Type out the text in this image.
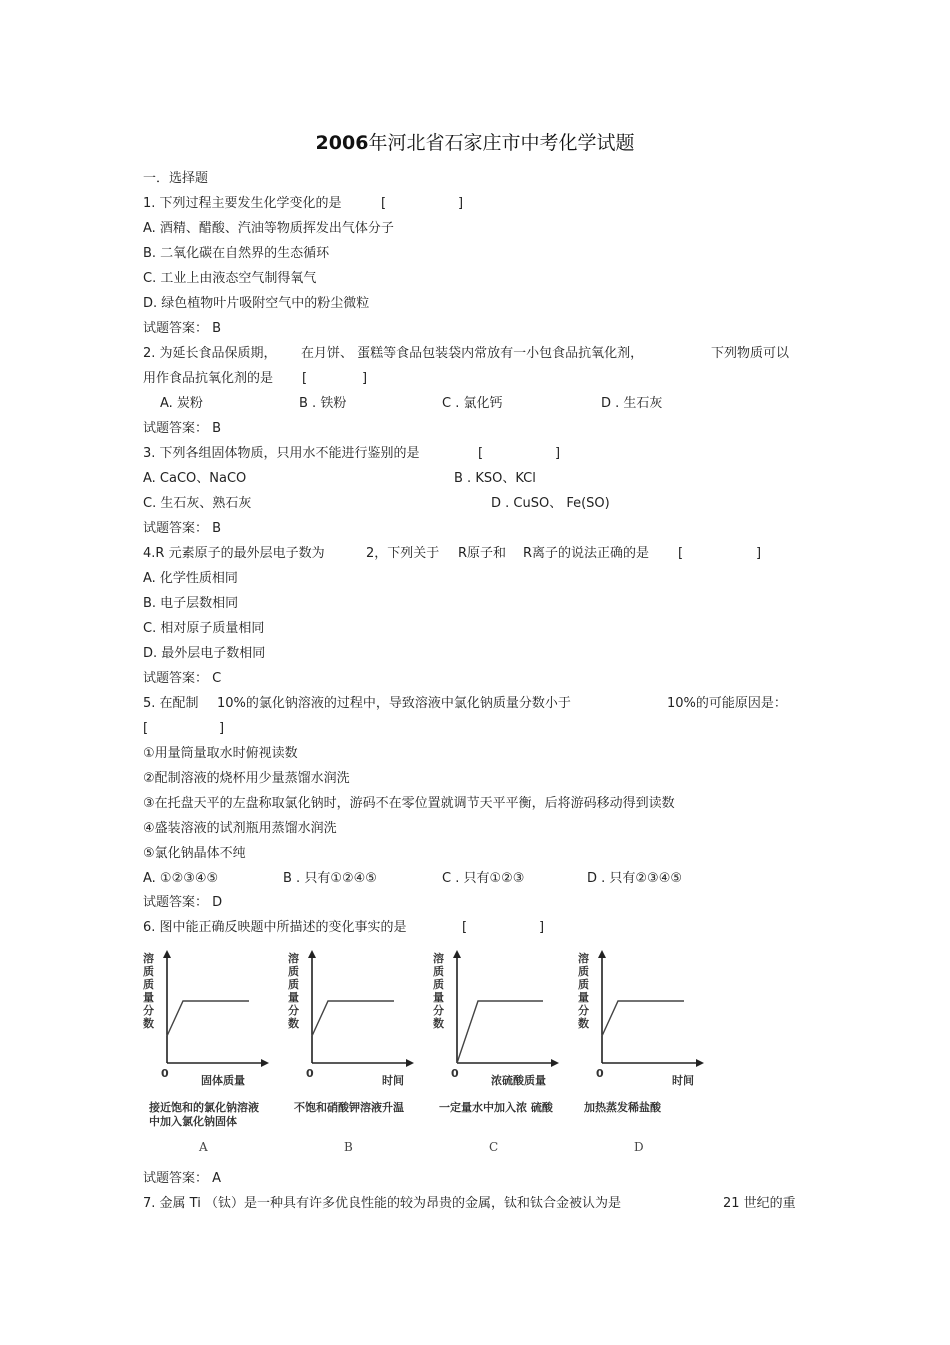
2006年河北省石家庄市中考化学试题
一．选择题
1. 下列过程主要发生化学变化的是	[	]
A. 酒精、醋酸、汽油等物质挥发出气体分子
B. 二氧化碳在自然界的生态循环
C. 工业上由液态空气制得氧气
D. 绿色植物叶片吸附空气中的粉尘微粒
试题答案： B
2. 为延长食品保质期， 在月饼、 蛋糕等食品包装袋内常放有一小包食品抗氧化剂，	下列物质可以
用作食品抗氧化剂的是 [	]
A. 炭粉	B . 铁粉	C . 氯化钙	D . 生石灰
试题答案： B
3. 下列各组固体物质，只用水不能进行鉴别的是	[	]
A. CaCO、NaCO	B . KSO、KCl
C. 生石灰、熟石灰	D . CuSO、 Fe(SO)
试题答案： B
4.R 元素原子的最外层电子数为	2，下列关于 R原子和 R离子的说法正确的是 [	]
A. 化学性质相同
B. 电子层数相同
C. 相对原子质量相同
D. 最外层电子数相同
试题答案： C
5. 在配制 10%的氯化钠溶液的过程中，导致溶液中氯化钠质量分数小于	10%的可能原因是：
[	]
①用量筒量取水时俯视读数
②配制溶液的烧杯用少量蒸馏水润洗
③在托盘天平的左盘称取氯化钠时，游码不在零位置就调节天平平衡，后将游码移动得到读数
④盛装溶液的试剂瓶用蒸馏水润洗
⑤氯化钠晶体不纯
A. ①②③④⑤	B . 只有①②④⑤	C . 只有①②③	D . 只有②③④⑤
试题答案： D
6. 图中能正确反映题中所描述的变化事实的是	[	]
试题答案： A
7. 金属 Ti （钛）是一种具有许多优良性能的较为昂贵的金属，钛和钛合金被认为是	21 世纪的重
溶质质量分数
0
固体质量
接近饱和的氯化钠溶液
中加入氯化钠固体
A
溶质质量分数
0
时间
不饱和硝酸钾溶液升温
B
溶质质量分数
0
浓硫酸质量
一定量水中加入浓 硫酸
C
溶质质量分数
0
时间
加热蒸发稀盐酸
D
